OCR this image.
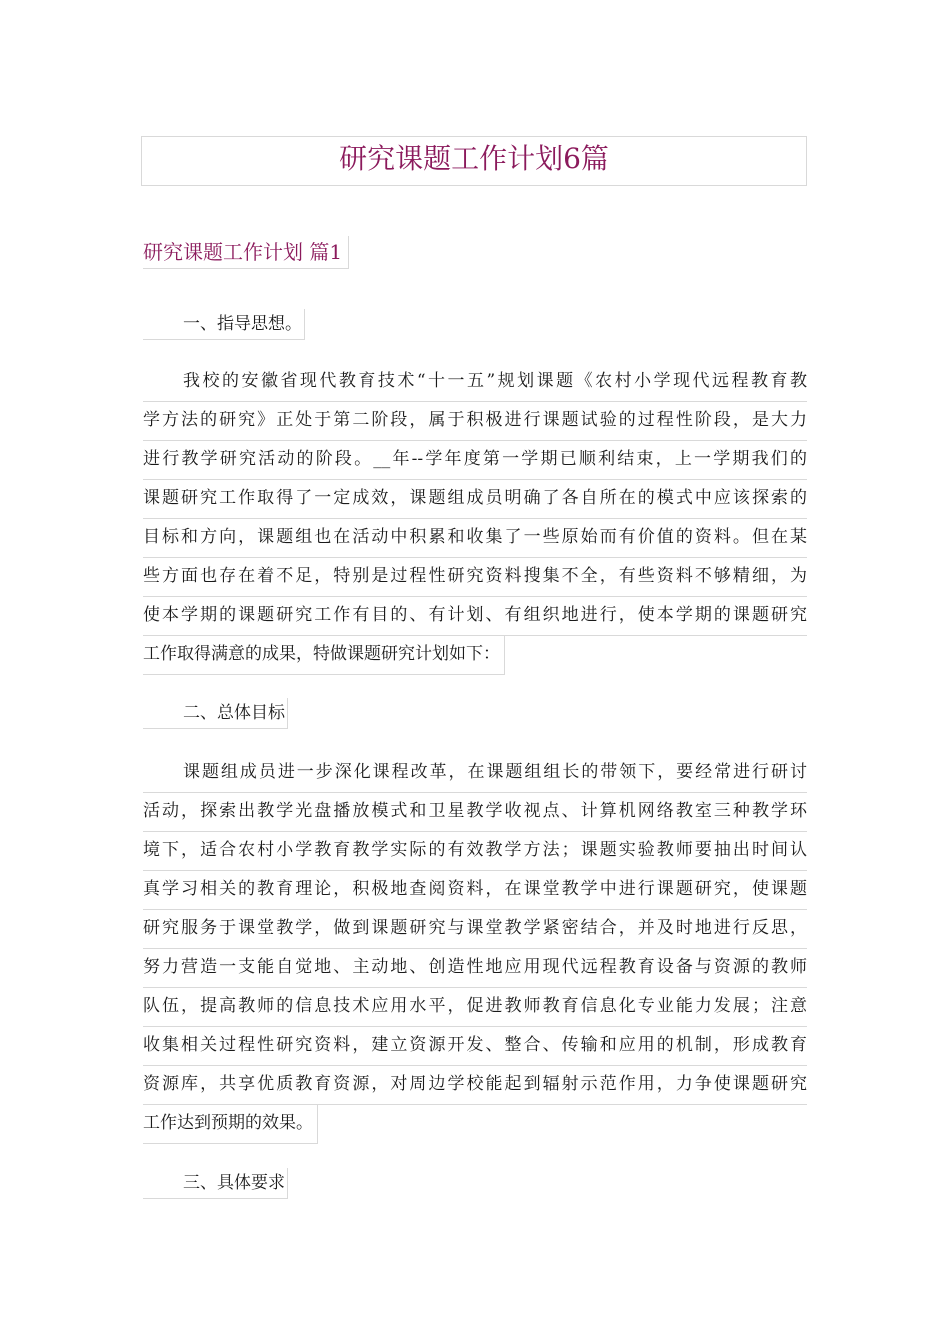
研究课题工作计划6篇
研究课题工作计划 篇1
一、指导思想。
我校的安徽省现代教育技术“十一五”规划课题《农村小学现代远程教育教
学方法的研究》正处于第二阶段，属于积极进行课题试验的过程性阶段，是大力
进行教学研究活动的阶段。__年--学年度第一学期已顺利结束，上一学期我们的
课题研究工作取得了一定成效，课题组成员明确了各自所在的模式中应该探索的
目标和方向，课题组也在活动中积累和收集了一些原始而有价值的资料。但在某
些方面也存在着不足，特别是过程性研究资料搜集不全，有些资料不够精细，为
使本学期的课题研究工作有目的、有计划、有组织地进行，使本学期的课题研究
工作取得满意的成果，特做课题研究计划如下：
二、总体目标
课题组成员进一步深化课程改革，在课题组组长的带领下，要经常进行研讨
活动，探索出教学光盘播放模式和卫星教学收视点、计算机网络教室三种教学环
境下，适合农村小学教育教学实际的有效教学方法；课题实验教师要抽出时间认
真学习相关的教育理论，积极地查阅资料，在课堂教学中进行课题研究，使课题
研究服务于课堂教学，做到课题研究与课堂教学紧密结合，并及时地进行反思，
努力营造一支能自觉地、主动地、创造性地应用现代远程教育设备与资源的教师
队伍，提高教师的信息技术应用水平，促进教师教育信息化专业能力发展；注意
收集相关过程性研究资料，建立资源开发、整合、传输和应用的机制，形成教育
资源库，共享优质教育资源，对周边学校能起到辐射示范作用，力争使课题研究
工作达到预期的效果。
三、具体要求
